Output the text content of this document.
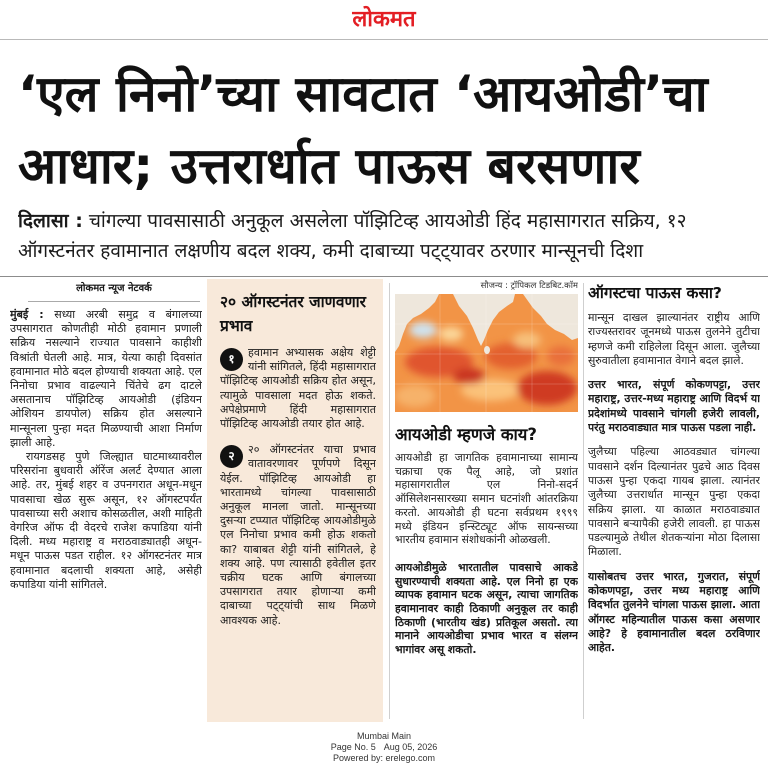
लोकमत
‘एल निनो’च्या सावटात ‘आयओडी’चा
आधार; उत्तरार्धात पाऊस बरसणार
दिलासा : चांगल्या पावसासाठी अनुकूल असलेला पॉझिटिव्ह आयओडी हिंद महासागरात सक्रिय, १२ ऑगस्टनंतर हवामानात लक्षणीय बदल शक्य, कमी दाबाच्या पट्ट्यावर ठरणार मान्सूनची दिशा
लोकमत न्यूज नेटवर्क

मुंबई : सध्या अरबी समुद्र व बंगालच्या उपसागरात कोणतीही मोठी हवामान प्रणाली सक्रिय नसल्याने राज्यात पावसाने काहीशी विश्रांती घेतली आहे. मात्र, येत्या काही दिवसांत हवामानात मोठे बदल होण्याची शक्यता आहे. एल निनोचा प्रभाव वाढल्याने चिंतेचे ढग दाटले असतानाच पॉझिटिव्ह आयओडी (इंडियन ओशियन डायपोल) सक्रिय होत असल्याने मान्सूनला पुन्हा मदत मिळण्याची आशा निर्माण झाली आहे.

रायगडसह पुणे जिल्ह्यात घाटमाथ्यावरील परिसरांना बुधवारी ऑरेंज अलर्ट देण्यात आला आहे. तर, मुंबई शहर व उपनगरात अधून-मधून पावसाचा खेळ सुरू असून, १२ ऑगस्टपर्यंत पावसाच्या सरी अशाच कोसळतील, अशी माहिती वेगरिज ऑफ दी वेदरचे राजेश कपाडिया यांनी दिली. मध्य महाराष्ट्र व मराठवाड्यातही अधून-मधून पाऊस पडत राहील. १२ ऑगस्टनंतर मात्र हवामानात बदलाची शक्यता आहे, असेही कपाडिया यांनी सांगितले.

२० ऑगस्टनंतर जाणवणार प्रभाव
१	हवामान अभ्यासक अक्षेय शेट्टी यांनी सांगितले, हिंदी महासागरात पॉझिटिव्ह आयओडी सक्रिय होत असून, त्यामुळे पावसाला मदत होऊ शकते. अपेक्षेप्रमाणे हिंदी महासागरात पॉझिटिव्ह आयओडी तयार होत आहे.
२	२० ऑगस्टनंतर याचा प्रभाव वातावरणावर पूर्णपणे दिसून येईल. पॉझिटिव्ह आयओडी हा भारतामध्ये चांगल्या पावसासाठी अनुकूल मानला जातो. मान्सूनच्या दुसऱ्या टप्प्यात पॉझिटिव्ह आयओडीमुळे एल निनोचा प्रभाव कमी होऊ शकतो का? याबाबत शेट्टी यांनी सांगितले, हे शक्य आहे. पण त्यासाठी हवेतील इतर चक्रीय घटक आणि बंगालच्या उपसागरात तयार होणाऱ्या कमी दाबाच्या पट्ट्यांची साथ मिळणे आवश्यक आहे.
सौजन्य : ट्रॉपिकल टिडबिट.कॉम
आयओडी म्हणजे काय?

आयओडी हा जागतिक हवामानाच्या सामान्य चक्राचा एक पैलू आहे, जो प्रशांत महासागरातील एल निनो-सदर्न ऑसिलेशनसारख्या समान घटनांशी आंतरक्रिया करतो. आयओडी ही घटना सर्वप्रथम १९९९ मध्ये इंडियन इन्स्टिट्यूट ऑफ सायन्सच्या भारतीय हवामान संशोधकांनी ओळखली.

आयओडीमुळे भारतातील पावसाचे आकडे सुधारण्याची शक्यता आहे. एल निनो हा एक व्यापक हवामान घटक असून, त्याचा जागतिक हवामानावर काही ठिकाणी अनुकूल तर काही ठिकाणी (भारतीय खंड) प्रतिकूल असतो. त्या मानाने आयओडीचा प्रभाव भारत व संलग्न भागांवर असू शकतो.

ऑगस्टचा पाऊस कसा?

मान्सून दाखल झाल्यानंतर राष्ट्रीय आणि राज्यस्तरावर जूनमध्ये पाऊस तुलनेने तुटीचा म्हणजे कमी राहिलेला दिसून आला. जुलैच्या सुरुवातीला हवामानात वेगाने बदल झाले.

उत्तर भारत, संपूर्ण कोकणपट्टा, उत्तर महाराष्ट्र, उत्तर-मध्य महाराष्ट्र आणि विदर्भ या प्रदेशांमध्ये पावसाने चांगली हजेरी लावली, परंतु मराठवाड्यात मात्र पाऊस पडला नाही.

जुलैच्या पहिल्या आठवड्यात चांगल्या पावसाने दर्शन दिल्यानंतर पुढचे आठ दिवस पाऊस पुन्हा एकदा गायब झाला. त्यानंतर जुलैच्या उत्तरार्धात मान्सून पुन्हा एकदा सक्रिय झाला. या काळात मराठवाड्यात पावसाने बऱ्यापैकी हजेरी लावली. हा पाऊस पडल्यामुळे तेथील शेतकऱ्यांना मोठा दिलासा मिळाला.

यासोबतच उत्तर भारत, गुजरात, संपूर्ण कोकणपट्टा, उत्तर मध्य महाराष्ट्र आणि विदर्भात तुलनेने चांगला पाऊस झाला. आता ऑगस्ट महिन्यातील पाऊस कसा असणार आहे? हे हवामानातील बदल ठरविणार आहेत.

Mumbai Main
Page No. 5 Aug 05, 2026
Powered by: erelego.com
